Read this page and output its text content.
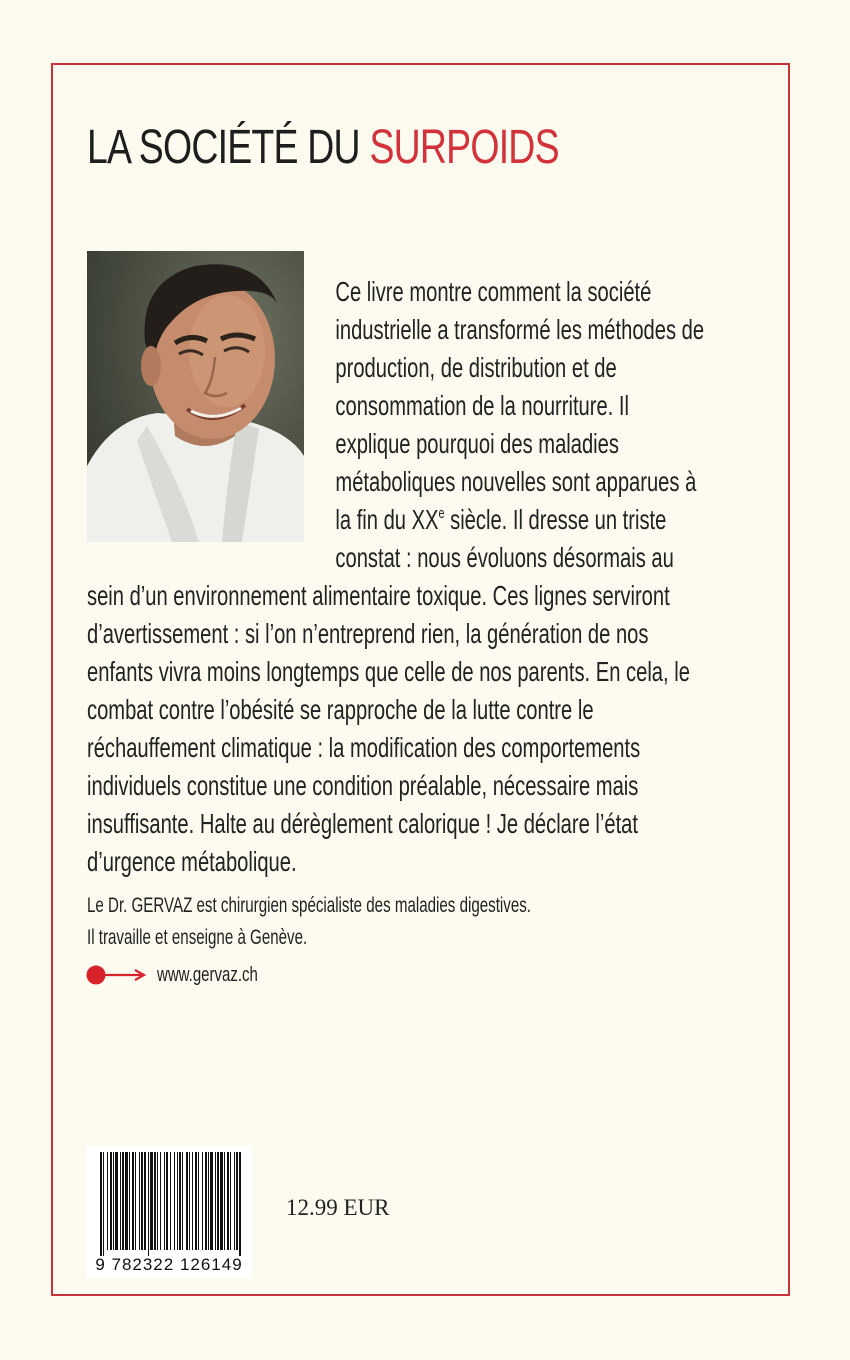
LA SOCIÉTÉ DU SURPOIDS
Ce livre montre comment la société industrielle a transformé les méthodes de production, de distribution et de consommation de la nourriture. Il explique pourquoi des maladies métaboliques nouvelles sont apparues à la fin du XXe siècle. Il dresse un triste constat : nous évoluons désormais au sein d’un environnement alimentaire toxique. Ces lignes serviront d’avertissement : si l’on n’entreprend rien, la génération de nos enfants vivra moins longtemps que celle de nos parents. En cela, le combat contre l’obésité se rapproche de la lutte contre le réchauffement climatique : la modification des comportements individuels constitue une condition préalable, nécessaire mais insuffisante. Halte au dérèglement calorique ! Je déclare l’état d’urgence métabolique.
Le Dr. GERVAZ est chirurgien spécialiste des maladies digestives.
Il travaille et enseigne à Genève.
www.gervaz.ch
9 782322 126149
12.99 EUR
